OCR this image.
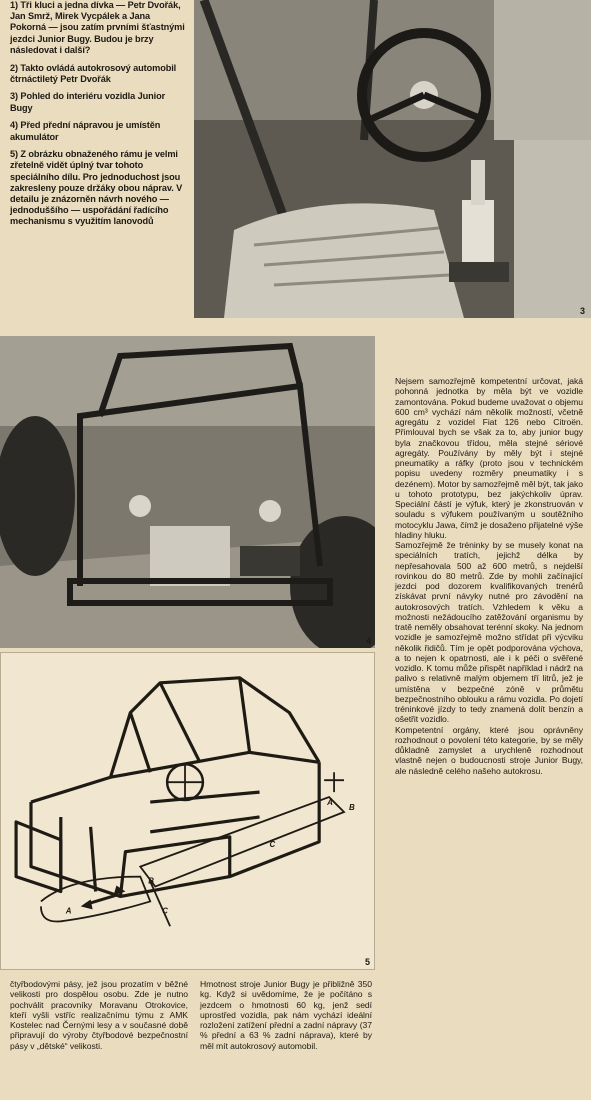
1) Tři kluci a jedna dívka — Petr Dvořák, Jan Smrž, Mirek Vycpálek a Jana Pokorná — jsou zatím prvními šťastnými jezdci Junior Bugy. Budou je brzy následovat i další?

2) Takto ovládá autokrosový automobil čtrnáctiletý Petr Dvořák

3) Pohled do interiéru vozidla Junior Bugy

4) Před přední nápravou je umístěn akumulátor

5) Z obrázku obnaženého rámu je velmi zřetelně vidět úplný tvar tohoto speciálního dílu. Pro jednoduchost jsou zakresleny pouze držáky obou náprav. V detailu je znázorněn návrh nového — jednoduššího — uspořádání řadícího mechanismu s využitím lanovodů

3
4
A
B
A
B
C
C
5

Nejsem samozřejmě kompetentní určovat, jaká pohonná jednotka by měla být ve vozidle zamontována. Pokud budeme uvažovat o objemu 600 cm³ vychází nám několik možností, včetně agregátu z vozidel Fiat 126 nebo Citroën. Přimlouval bych se však za to, aby junior bugy byla značkovou třídou, měla stejné sériové agregáty. Používány by měly být i stejné pneumatiky a ráfky (proto jsou v technickém popisu uvedeny rozměry pneumatiky i s dezénem). Motor by samozřejmě měl být, tak jako u tohoto prototypu, bez jakýchkoliv úprav. Speciální částí je výfuk, který je zkonstruován v souladu s výfukem používaným u soutěžního motocyklu Jawa, čímž je dosaženo přijatelné výše hladiny hluku.

Samozřejmě že tréninky by se musely konat na speciálních tratích, jejichž délka by nepřesahovala 500 až 600 metrů, s nejdelší rovinkou do 80 metrů. Zde by mohli začínající jezdci pod dozorem kvalifikovaných trenérů získávat první návyky nutné pro závodění na autokrosových tratích. Vzhledem k věku a možnosti nežádoucího zatěžování organismu by tratě neměly obsahovat terénní skoky. Na jednom vozidle je samozřejmě možno střídat při výcviku několik řidičů. Tím je opět podporována výchova, a to nejen k opatrnosti, ale i k péči o svěřené vozidlo. K tomu může přispět například i nádrž na palivo s relativně malým objemem tří litrů, jež je umístěna v bezpečné zóně v průmětu bezpečnostního oblouku a rámu vozidla. Po dojetí tréninkové jízdy to tedy znamená dolít benzín a ošetřit vozidlo.

Kompetentní orgány, které jsou oprávněny rozhodnout o povolení této kategorie, by se měly důkladně zamyslet a urychleně rozhodnout vlastně nejen o budoucnosti stroje Junior Bugy, ale následně celého našeho autokrosu.

čtyřbodovými pásy, jež jsou prozatím v běžné velikosti pro dospělou osobu. Zde je nutno pochválit pracovníky Moravanu Otrokovice, kteří vyšli vstříc realizačnímu týmu z AMK Kostelec nad Černými lesy a v současné době připravují do výroby čtyřbodové bezpečnostní pásy v „dětské“ velikosti.

Hmotnost stroje Junior Bugy je přibližně 350 kg. Když si uvědomíme, že je počítáno s jezdcem o hmotnosti 60 kg, jenž sedí uprostřed vozidla, pak nám vychází ideální rozložení zatížení přední a zadní nápravy (37 % přední a 63 % zadní náprava), které by měl mít autokrosový automobil.
